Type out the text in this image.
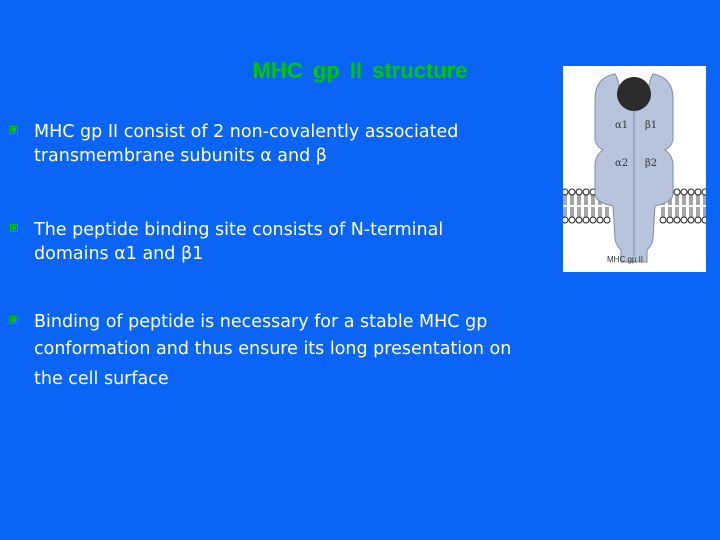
MHC gp II structure
MHC gp II consist of 2 non-covalently associated
transmembrane subunits α and β
The peptide binding site consists of N-terminal
domains α1 and β1
Binding of peptide is necessary for a stable MHC gp
conformation and thus ensure its long presentation on
the cell surface
α1 β1
α2 β2
MHC gp II
